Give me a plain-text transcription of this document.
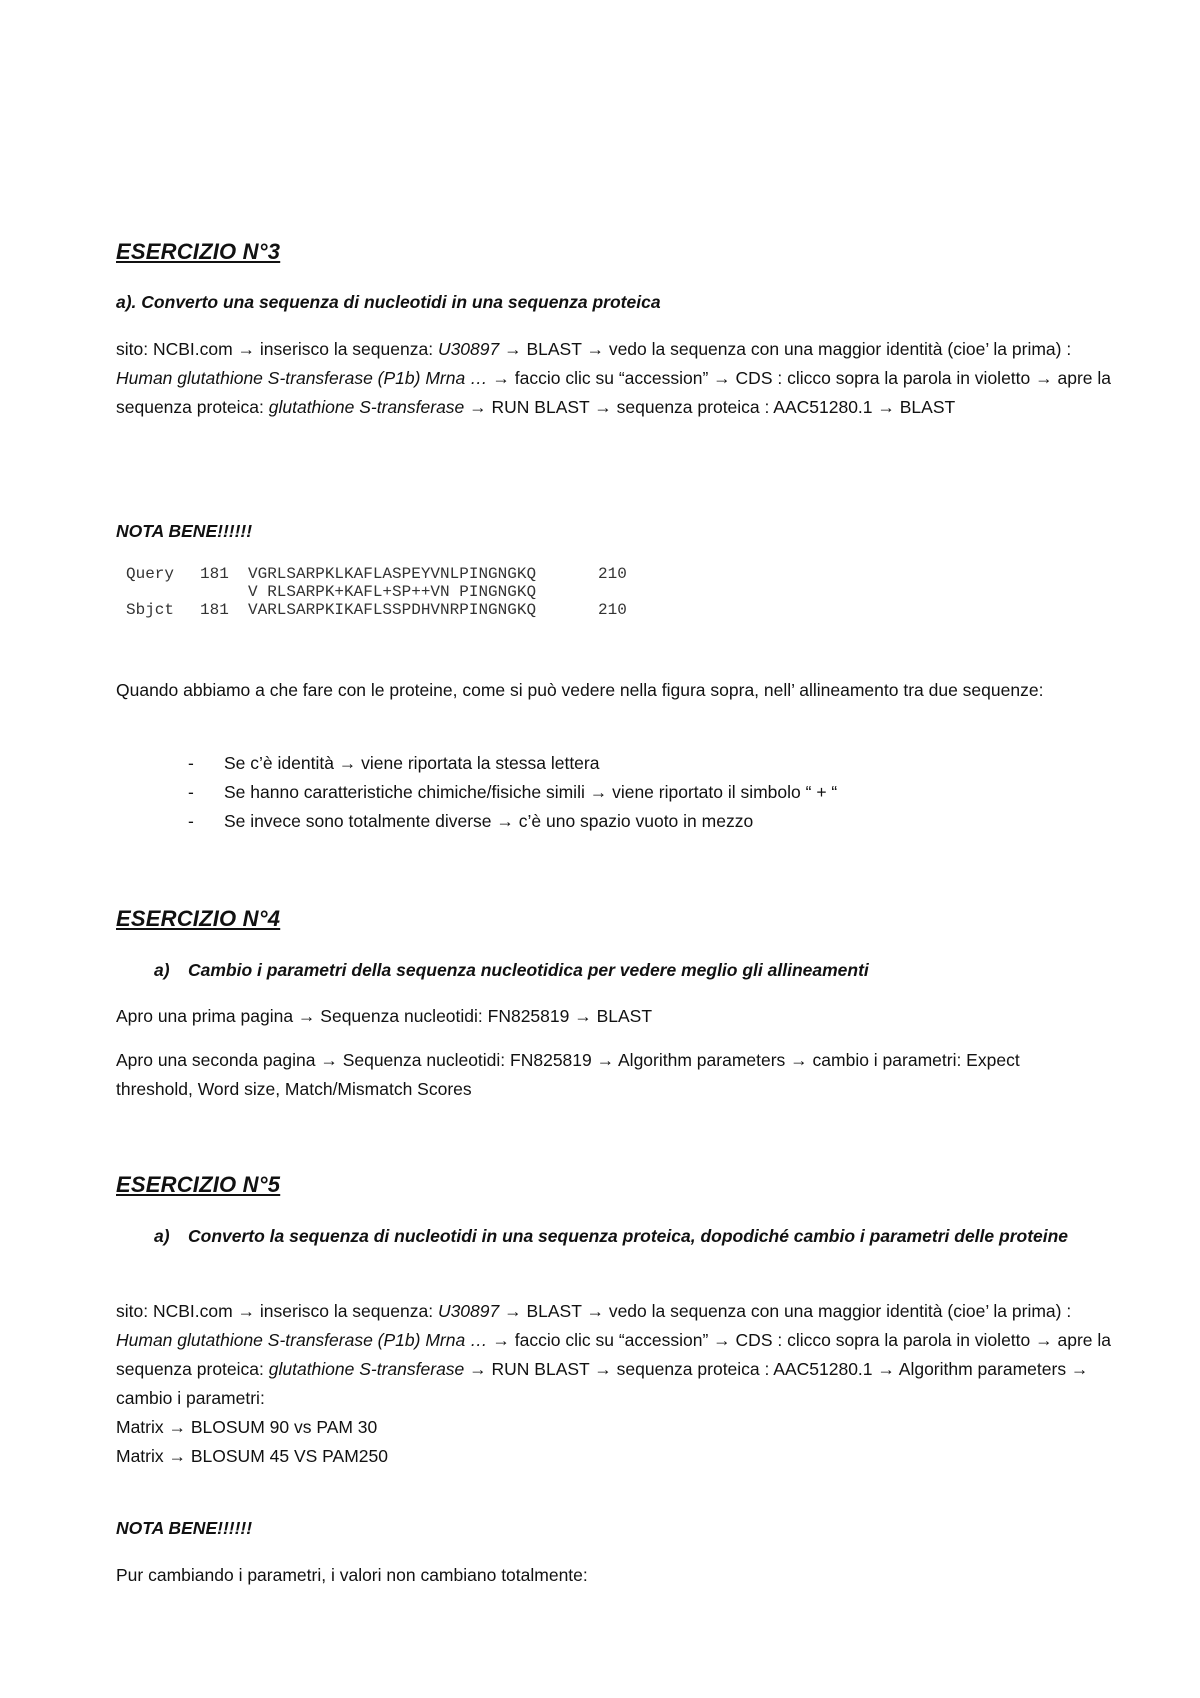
ESERCIZIO N°3
a). Converto una sequenza di nucleotidi in una sequenza proteica
sito: NCBI.com → inserisco la sequenza: U30897 → BLAST → vedo la sequenza con una maggior identità (cioe’ la prima) : Human glutathione S-transferase (P1b) Mrna … → faccio clic su “accession” → CDS : clicco sopra la parola in violetto → apre la sequenza proteica: glutathione S-transferase → RUN BLAST → sequenza proteica : AAC51280.1 → BLAST
NOTA BENE!!!!!!
Query 181 VGRLSARPKLKAFLASPEYVNLPINGNGKQ	210
V RLSARPK+KAFL+SP++VN PINGNGKQ
Sbjct 181 VARLSARPKIKAFLSSPDHVNRPINGNGKQ	210
Quando abbiamo a che fare con le proteine, come si può vedere nella figura sopra, nell’ allineamento tra due sequenze:
- Se c’è identità → viene riportata la stessa lettera
- Se hanno caratteristiche chimiche/fisiche simili → viene riportato il simbolo “ + “
- Se invece sono totalmente diverse → c’è uno spazio vuoto in mezzo
ESERCIZIO N°4
a) Cambio i parametri della sequenza nucleotidica per vedere meglio gli allineamenti
Apro una prima pagina → Sequenza nucleotidi: FN825819 → BLAST
Apro una seconda pagina → Sequenza nucleotidi: FN825819 → Algorithm parameters → cambio i parametri: Expect threshold, Word size, Match/Mismatch Scores
ESERCIZIO N°5
a) Converto la sequenza di nucleotidi in una sequenza proteica, dopodiché cambio i parametri delle proteine
sito: NCBI.com → inserisco la sequenza: U30897 → BLAST → vedo la sequenza con una maggior identità (cioe’ la prima) : Human glutathione S-transferase (P1b) Mrna … → faccio clic su “accession” → CDS : clicco sopra la parola in violetto → apre la sequenza proteica: glutathione S-transferase → RUN BLAST → sequenza proteica : AAC51280.1 → Algorithm parameters → cambio i parametri:
Matrix → BLOSUM 90 vs PAM 30
Matrix → BLOSUM 45 VS PAM250
NOTA BENE!!!!!!
Pur cambiando i parametri, i valori non cambiano totalmente:
